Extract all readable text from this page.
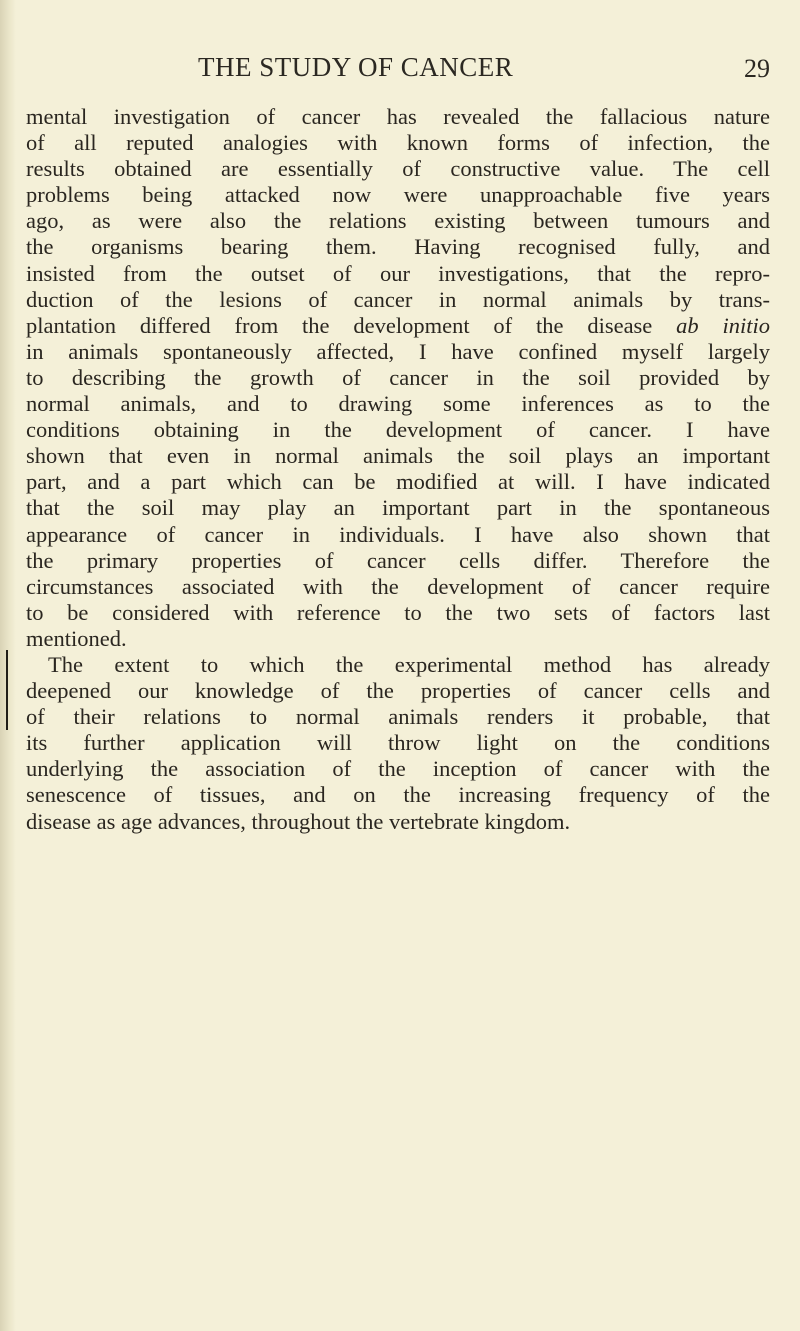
THE STUDY OF CANCER	29
mental investigation of cancer has revealed the fallacious nature
of all reputed analogies with known forms of infection, the
results obtained are essentially of constructive value. The cell
problems being attacked now were unapproachable five years
ago, as were also the relations existing between tumours and
the organisms bearing them. Having recognised fully, and
insisted from the outset of our investigations, that the repro-
duction of the lesions of cancer in normal animals by trans-
plantation differed from the development of the disease ab initio
in animals spontaneously affected, I have confined myself largely
to describing the growth of cancer in the soil provided by
normal animals, and to drawing some inferences as to the
conditions obtaining in the development of cancer. I have
shown that even in normal animals the soil plays an important
part, and a part which can be modified at will. I have indicated
that the soil may play an important part in the spontaneous
appearance of cancer in individuals. I have also shown that
the primary properties of cancer cells differ. Therefore the
circumstances associated with the development of cancer require
to be considered with reference to the two sets of factors last
mentioned.
The extent to which the experimental method has already
deepened our knowledge of the properties of cancer cells and
of their relations to normal animals renders it probable, that
its further application will throw light on the conditions
underlying the association of the inception of cancer with the
senescence of tissues, and on the increasing frequency of the
disease as age advances, throughout the vertebrate kingdom.
